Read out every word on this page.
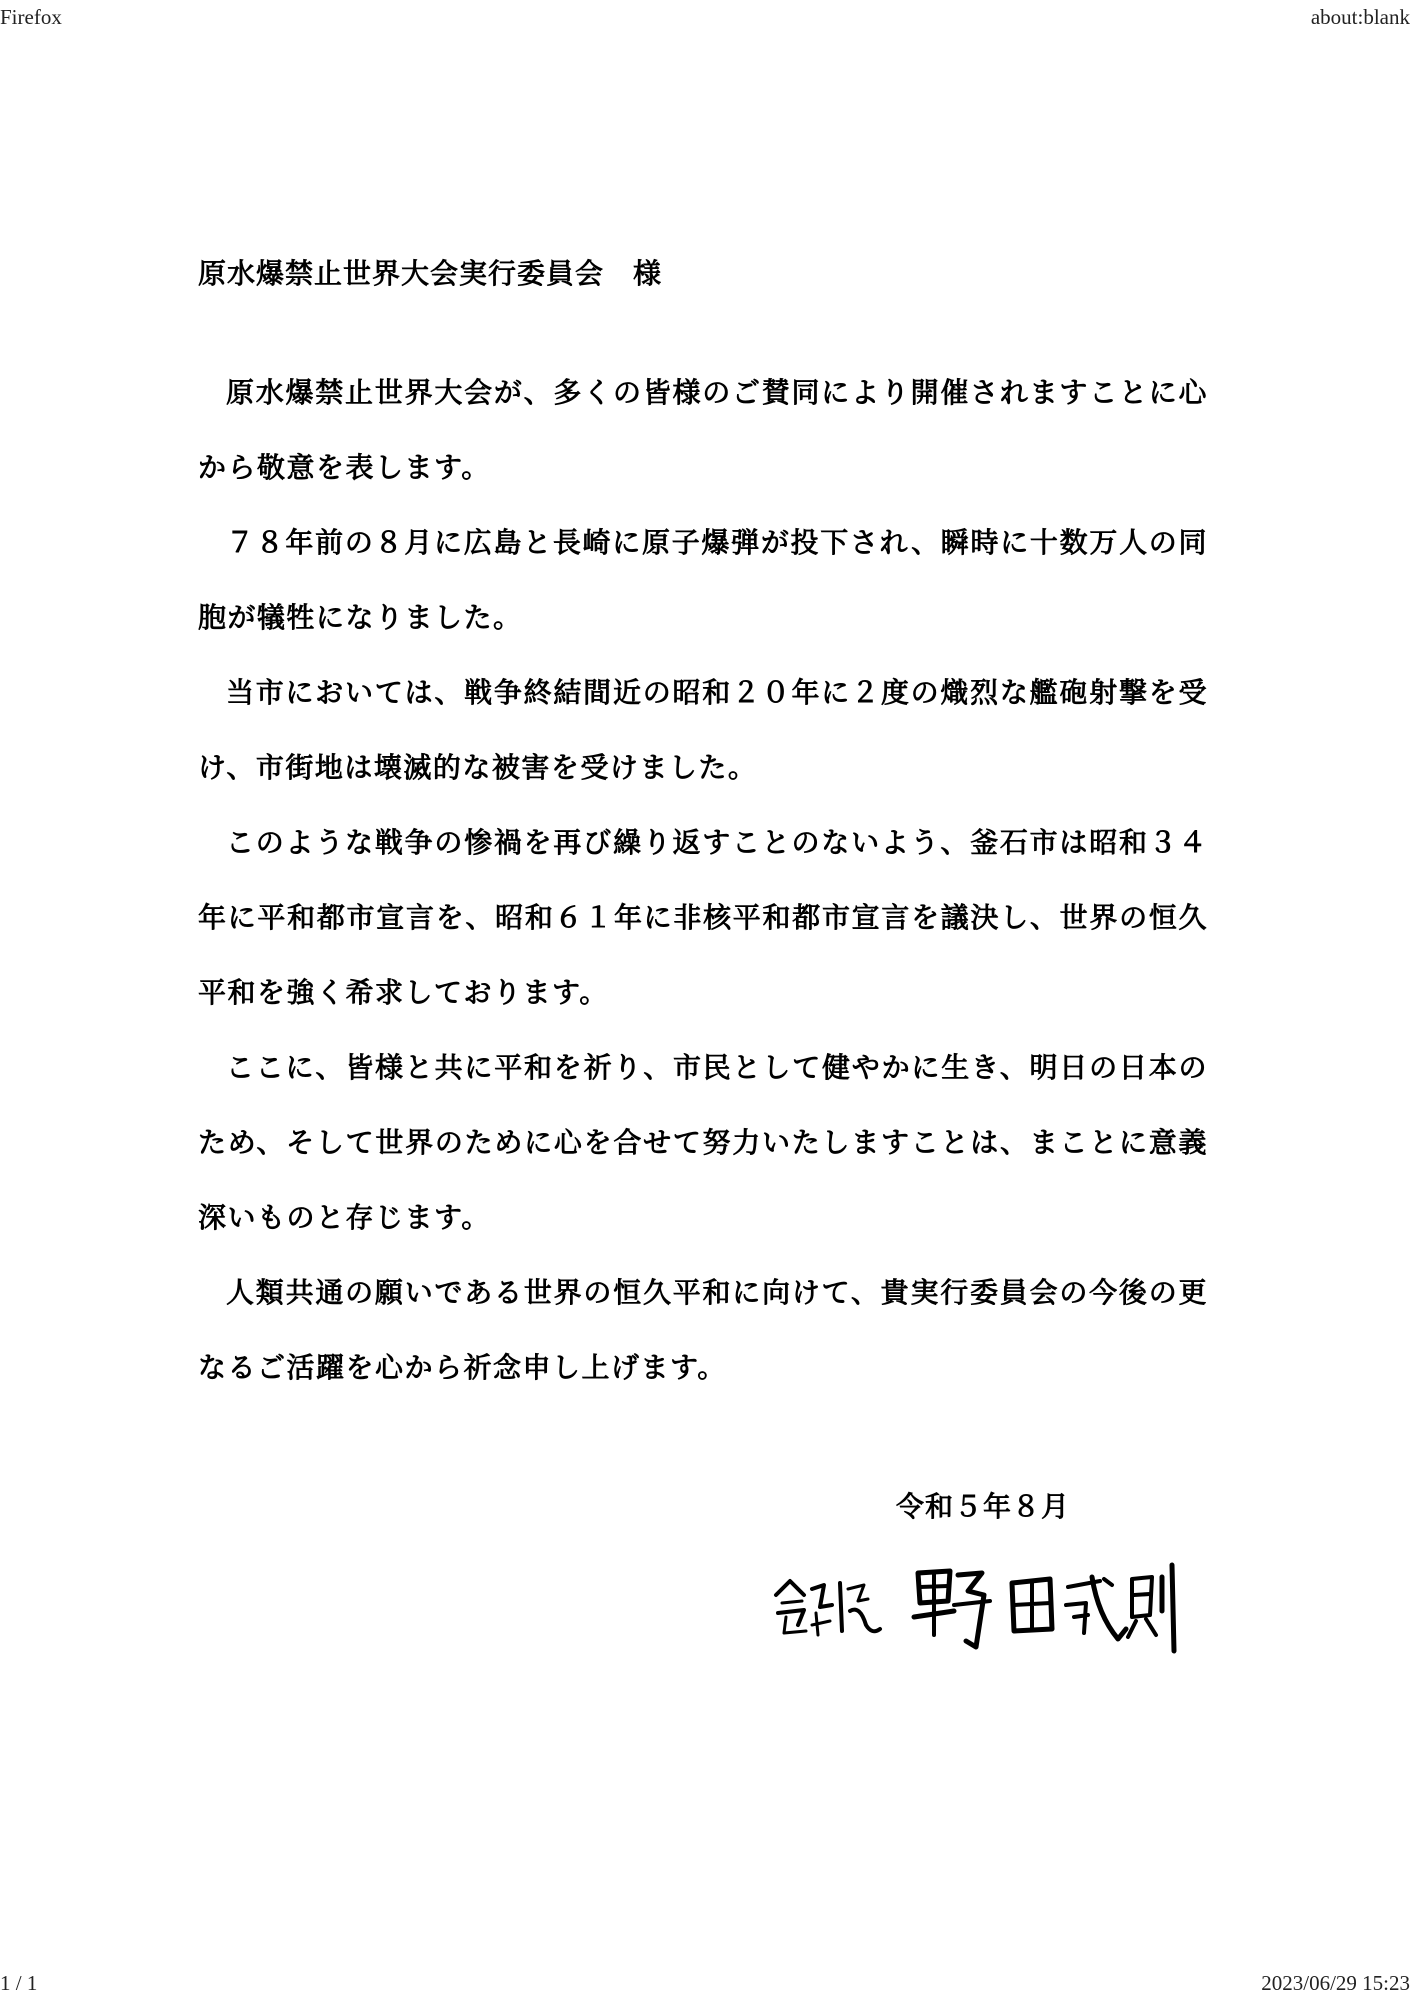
Firefox	about:blank
原水爆禁止世界大会実行委員会　様

原水爆禁止世界大会が、多くの皆様のご賛同により開催されますことに心から敬意を表します。

７８年前の８月に広島と長崎に原子爆弾が投下され、瞬時に十数万人の同胞が犠牲になりました。

当市においては、戦争終結間近の昭和２０年に２度の熾烈な艦砲射撃を受け、市街地は壊滅的な被害を受けました。

このような戦争の惨禍を再び繰り返すことのないよう、釜石市は昭和３４年に平和都市宣言を、昭和６１年に非核平和都市宣言を議決し、世界の恒久平和を強く希求しております。

ここに、皆様と共に平和を祈り、市民として健やかに生き、明日の日本のため、そして世界のために心を合せて努力いたしますことは、まことに意義深いものと存じます。

人類共通の願いである世界の恒久平和に向けて、貴実行委員会の今後の更なるご活躍を心から祈念申し上げます。

令和５年８月
1 / 1	2023/06/29 15:23
